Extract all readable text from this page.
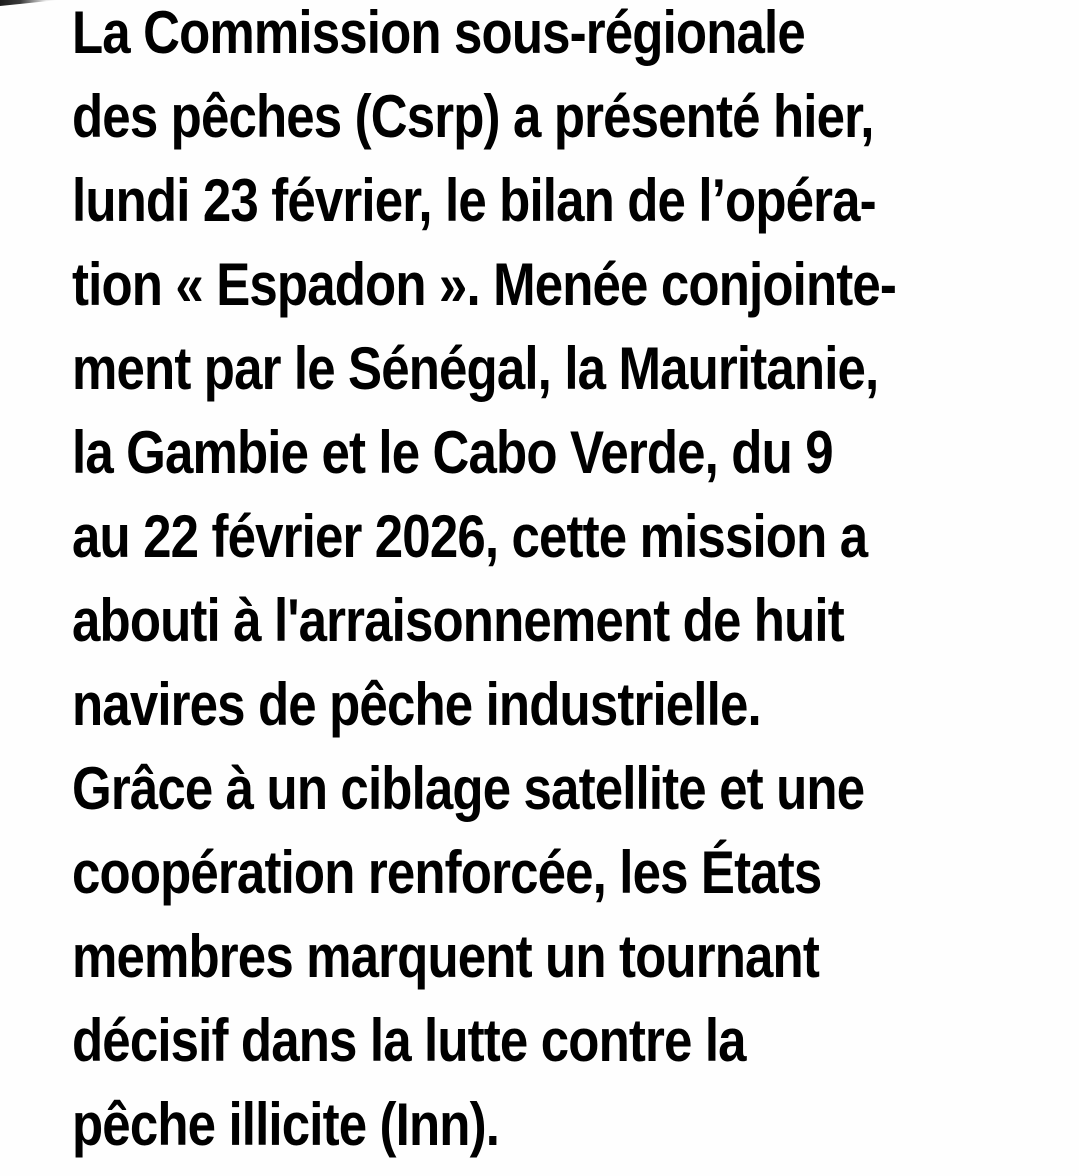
La Commission sous-régionale
des pêches (Csrp) a présenté hier,
lundi 23 février, le bilan de l’opéra-
tion « Espadon ». Menée conjointe-
ment par le Sénégal, la Mauritanie,
la Gambie et le Cabo Verde, du 9
au 22 février 2026, cette mission a
abouti à l'arraisonnement de huit
navires de pêche industrielle.
Grâce à un ciblage satellite et une
coopération renforcée, les États
membres marquent un tournant
décisif dans la lutte contre la
pêche illicite (Inn).
